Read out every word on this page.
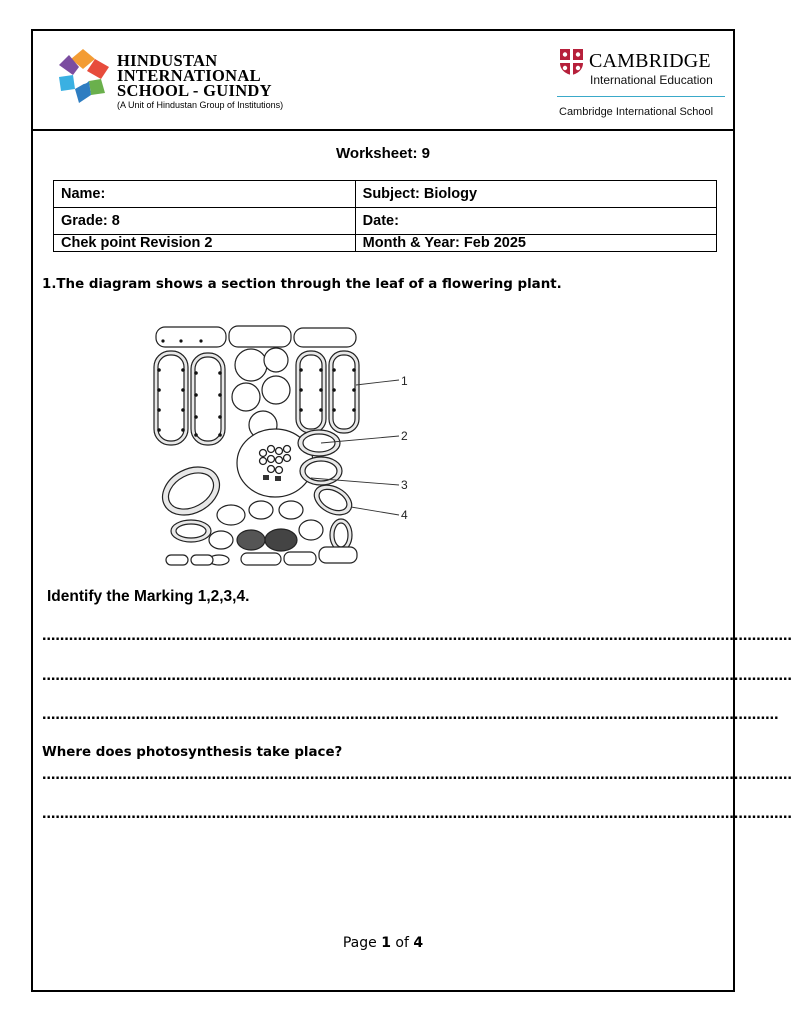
HINDUSTAN
INTERNATIONAL
SCHOOL - GUINDY
(A Unit of Hindustan Group of Institutions)
CAMBRIDGE
International Education
Cambridge International School
Worksheet: 9
Name:	Subject: Biology
Grade: 8	Date:
Chek point Revision 2	Month & Year: Feb 2025
1.The diagram shows a section through the leaf of a flowering plant.
1
2
3
4
Identify the Marking 1,2,3,4.
……………………………………………………………………………………………………………………………………………………
……………………………………………………………………………………………………………………………………………………
…………………………………………………………………………………………………………………………………………………
Where does photosynthesis take place?
……………………………………………………………………………………………………………………………………………………
……………………………………………………………………………………………………………………………………………………
Page 1 of 4
